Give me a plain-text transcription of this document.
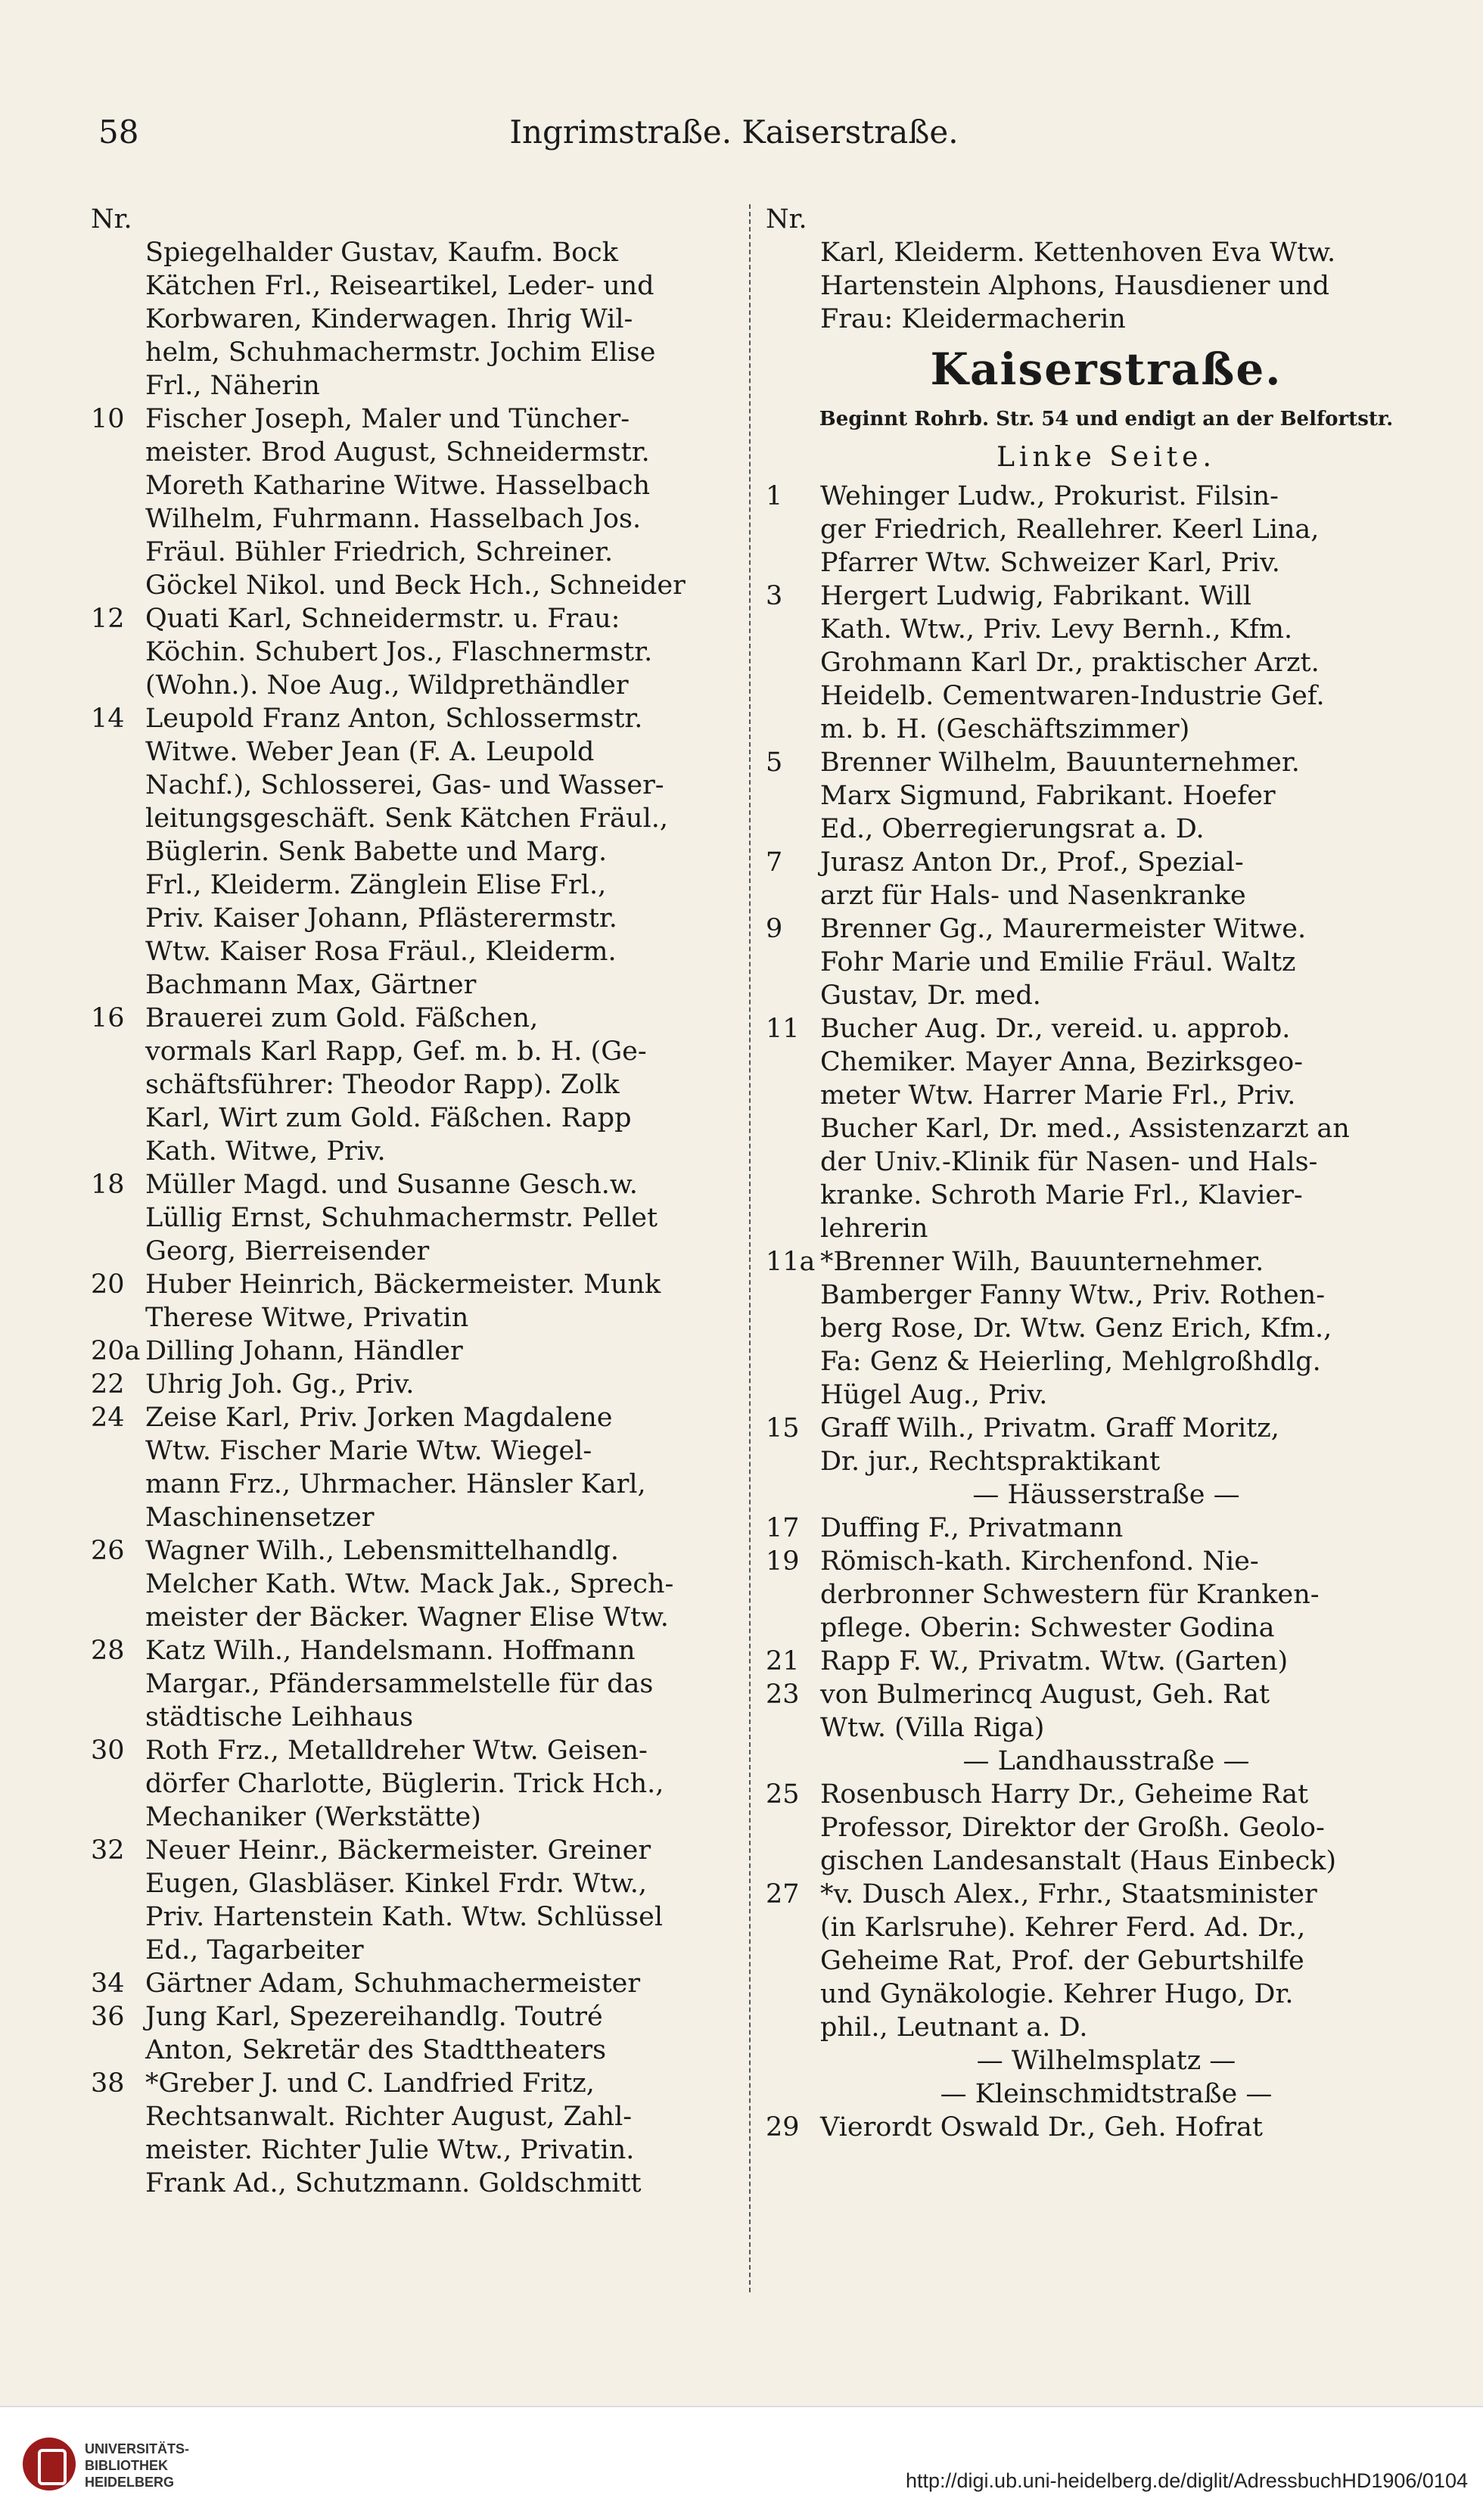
58	Ingrimstraße. Kaiserstraße.
Nr.
Spiegelhalder Gustav, Kaufm. Bock
Kätchen Frl., Reiseartikel, Leder- und
Korbwaren, Kinderwagen. Ihrig Wil-
helm, Schuhmachermstr. Jochim Elise
Frl., Näherin
10 Fischer Joseph, Maler und Tüncher-
meister. Brod August, Schneidermstr.
Moreth Katharine Witwe. Hasselbach
Wilhelm, Fuhrmann. Hasselbach Jos.
Fräul. Bühler Friedrich, Schreiner.
Göckel Nikol. und Beck Hch., Schneider
12 Quati Karl, Schneidermstr. u. Frau:
Köchin. Schubert Jos., Flaschnermstr.
(Wohn.). Noe Aug., Wildprethändler
14 Leupold Franz Anton, Schlossermstr.
Witwe. Weber Jean (F. A. Leupold
Nachf.), Schlosserei, Gas- und Wasser-
leitungsgeschäft. Senk Kätchen Fräul.,
Büglerin. Senk Babette und Marg.
Frl., Kleiderm. Zänglein Elise Frl.,
Priv. Kaiser Johann, Pflästerermstr.
Wtw. Kaiser Rosa Fräul., Kleiderm.
Bachmann Max, Gärtner
16 Brauerei zum Gold. Fäßchen,
vormals Karl Rapp, Gef. m. b. H. (Ge-
schäftsführer: Theodor Rapp). Zolk
Karl, Wirt zum Gold. Fäßchen. Rapp
Kath. Witwe, Priv.
18 Müller Magd. und Susanne Gesch.w.
Lüllig Ernst, Schuhmachermstr. Pellet
Georg, Bierreisender
20 Huber Heinrich, Bäckermeister. Munk
Therese Witwe, Privatin
20a Dilling Johann, Händler
22 Uhrig Joh. Gg., Priv.
24 Zeise Karl, Priv. Jorken Magdalene
Wtw. Fischer Marie Wtw. Wiegel-
mann Frz., Uhrmacher. Hänsler Karl,
Maschinensetzer
26 Wagner Wilh., Lebensmittelhandlg.
Melcher Kath. Wtw. Mack Jak., Sprech-
meister der Bäcker. Wagner Elise Wtw.
28 Katz Wilh., Handelsmann. Hoffmann
Margar., Pfändersammelstelle für das
städtische Leihhaus
30 Roth Frz., Metalldreher Wtw. Geisen-
dörfer Charlotte, Büglerin. Trick Hch.,
Mechaniker (Werkstätte)
32 Neuer Heinr., Bäckermeister. Greiner
Eugen, Glasbläser. Kinkel Frdr. Wtw.,
Priv. Hartenstein Kath. Wtw. Schlüssel
Ed., Tagarbeiter
34 Gärtner Adam, Schuhmachermeister
36 Jung Karl, Spezereihandlg. Toutré
Anton, Sekretär des Stadttheaters
38 *Greber J. und C. Landfried Fritz,
Rechtsanwalt. Richter August, Zahl-
meister. Richter Julie Wtw., Privatin.
Frank Ad., Schutzmann. Goldschmitt
Nr.
Karl, Kleiderm. Kettenhoven Eva Wtw.
Hartenstein Alphons, Hausdiener und
Frau: Kleidermacherin
Kaiserstraße.
Beginnt Rohrb. Str. 54 und endigt an der Belfortstr.
Linke Seite.
1	Wehinger Ludw., Prokurist. Filsin-
ger Friedrich, Reallehrer. Keerl Lina,
Pfarrer Wtw. Schweizer Karl, Priv.
3	Hergert Ludwig, Fabrikant. Will
Kath. Wtw., Priv. Levy Bernh., Kfm.
Grohmann Karl Dr., praktischer Arzt.
Heidelb. Cementwaren-Industrie Gef.
m. b. H. (Geschäftszimmer)
5	Brenner Wilhelm, Bauunternehmer.
Marx Sigmund, Fabrikant. Hoefer
Ed., Oberregierungsrat a. D.
7	Jurasz Anton Dr., Prof., Spezial-
arzt für Hals- und Nasenkranke
9	Brenner Gg., Maurermeister Witwe.
Fohr Marie und Emilie Fräul. Waltz
Gustav, Dr. med.
11 Bucher Aug. Dr., vereid. u. approb.
Chemiker. Mayer Anna, Bezirksgeo-
meter Wtw. Harrer Marie Frl., Priv.
Bucher Karl, Dr. med., Assistenzarzt an
der Univ.-Klinik für Nasen- und Hals-
kranke. Schroth Marie Frl., Klavier-
lehrerin
11a *Brenner Wilh, Bauunternehmer.
Bamberger Fanny Wtw., Priv. Rothen-
berg Rose, Dr. Wtw. Genz Erich, Kfm.,
Fa: Genz & Heierling, Mehlgroßhdlg.
Hügel Aug., Priv.
15 Graff Wilh., Privatm. Graff Moritz,
Dr. jur., Rechtspraktikant
— Häusserstraße —
17 Duffing F., Privatmann
19 Römisch-kath. Kirchenfond. Nie-
derbronner Schwestern für Kranken-
pflege. Oberin: Schwester Godina
21 Rapp F. W., Privatm. Wtw. (Garten)
23 von Bulmerincq August, Geh. Rat
Wtw. (Villa Riga)
— Landhausstraße —
25 Rosenbusch Harry Dr., Geheime Rat
Professor, Direktor der Großh. Geolo-
gischen Landesanstalt (Haus Einbeck)
27 *v. Dusch Alex., Frhr., Staatsminister
(in Karlsruhe). Kehrer Ferd. Ad. Dr.,
Geheime Rat, Prof. der Geburtshilfe
und Gynäkologie. Kehrer Hugo, Dr.
phil., Leutnant a. D.
— Wilhelmsplatz —
— Kleinschmidtstraße —
29 Vierordt Oswald Dr., Geh. Hofrat
UNIVERSITÄTS-
BIBLIOTHEK
HEIDELBERG	http://digi.ub.uni-heidelberg.de/diglit/AdressbuchHD1906/0104
